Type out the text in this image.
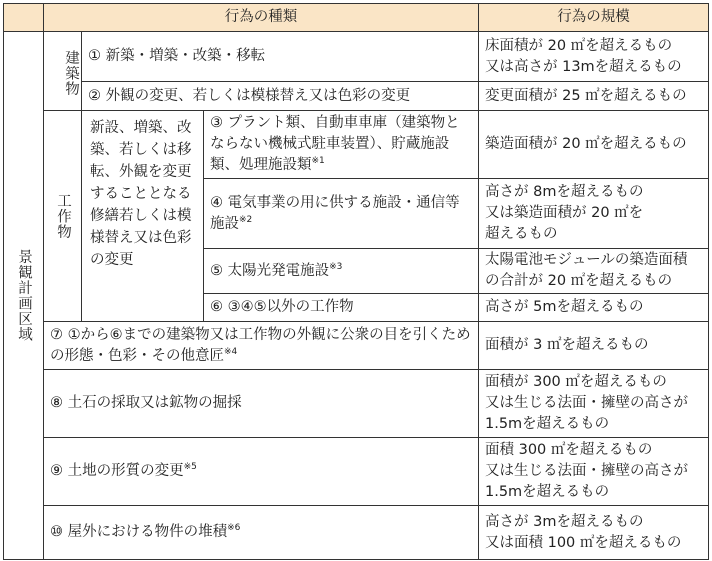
	行為の種類			行為の規模
景観計画区域	建築物	① 新築・増築・改築・移転		床面積が 20 ㎡を超えるもの
又は高さが 13mを超えるもの
		② 外観の変更、若しくは模様替え又は色彩の変更		変更面積が 25 ㎡を超えるもの
	工作物	新設、増築、改築、若しくは移転、外観を変更することとなる修繕若しくは模様替え又は色彩の変更	③ プラント類、自動車車庫（建築物とならない機械式駐車装置）、貯蔵施設類、処理施設類$^{※1}$	築造面積が 20 ㎡を超えるもの
			④ 電気事業の用に供する施設・通信等施設$^{※2}$	高さが 8mを超えるもの
又は築造面積が 20 ㎡を
超えるもの
			⑤ 太陽光発電施設$^{※3}$	太陽電池モジュールの築造面積
の合計が 20 ㎡を超えるもの
			⑥ ③④⑤以外の工作物	高さが 5mを超えるもの
	⑦ ①から⑥までの建築物又は工作物の外観に公衆の目を引くための形態・色彩・その他意匠$^{※4}$			面積が 3 ㎡を超えるもの
	⑧ 土石の採取又は鉱物の掘採			面積が 300 ㎡を超えるもの
又は生じる法面・擁壁の高さが
1.5mを超えるもの
	⑨ 土地の形質の変更$^{※5}$			面積 300 ㎡を超えるもの
又は生じる法面・擁壁の高さが
1.5mを超えるもの
	⑩ 屋外における物件の堆積$^{※6}$			高さが 3mを超えるもの
又は面積 100 ㎡を超えるもの
